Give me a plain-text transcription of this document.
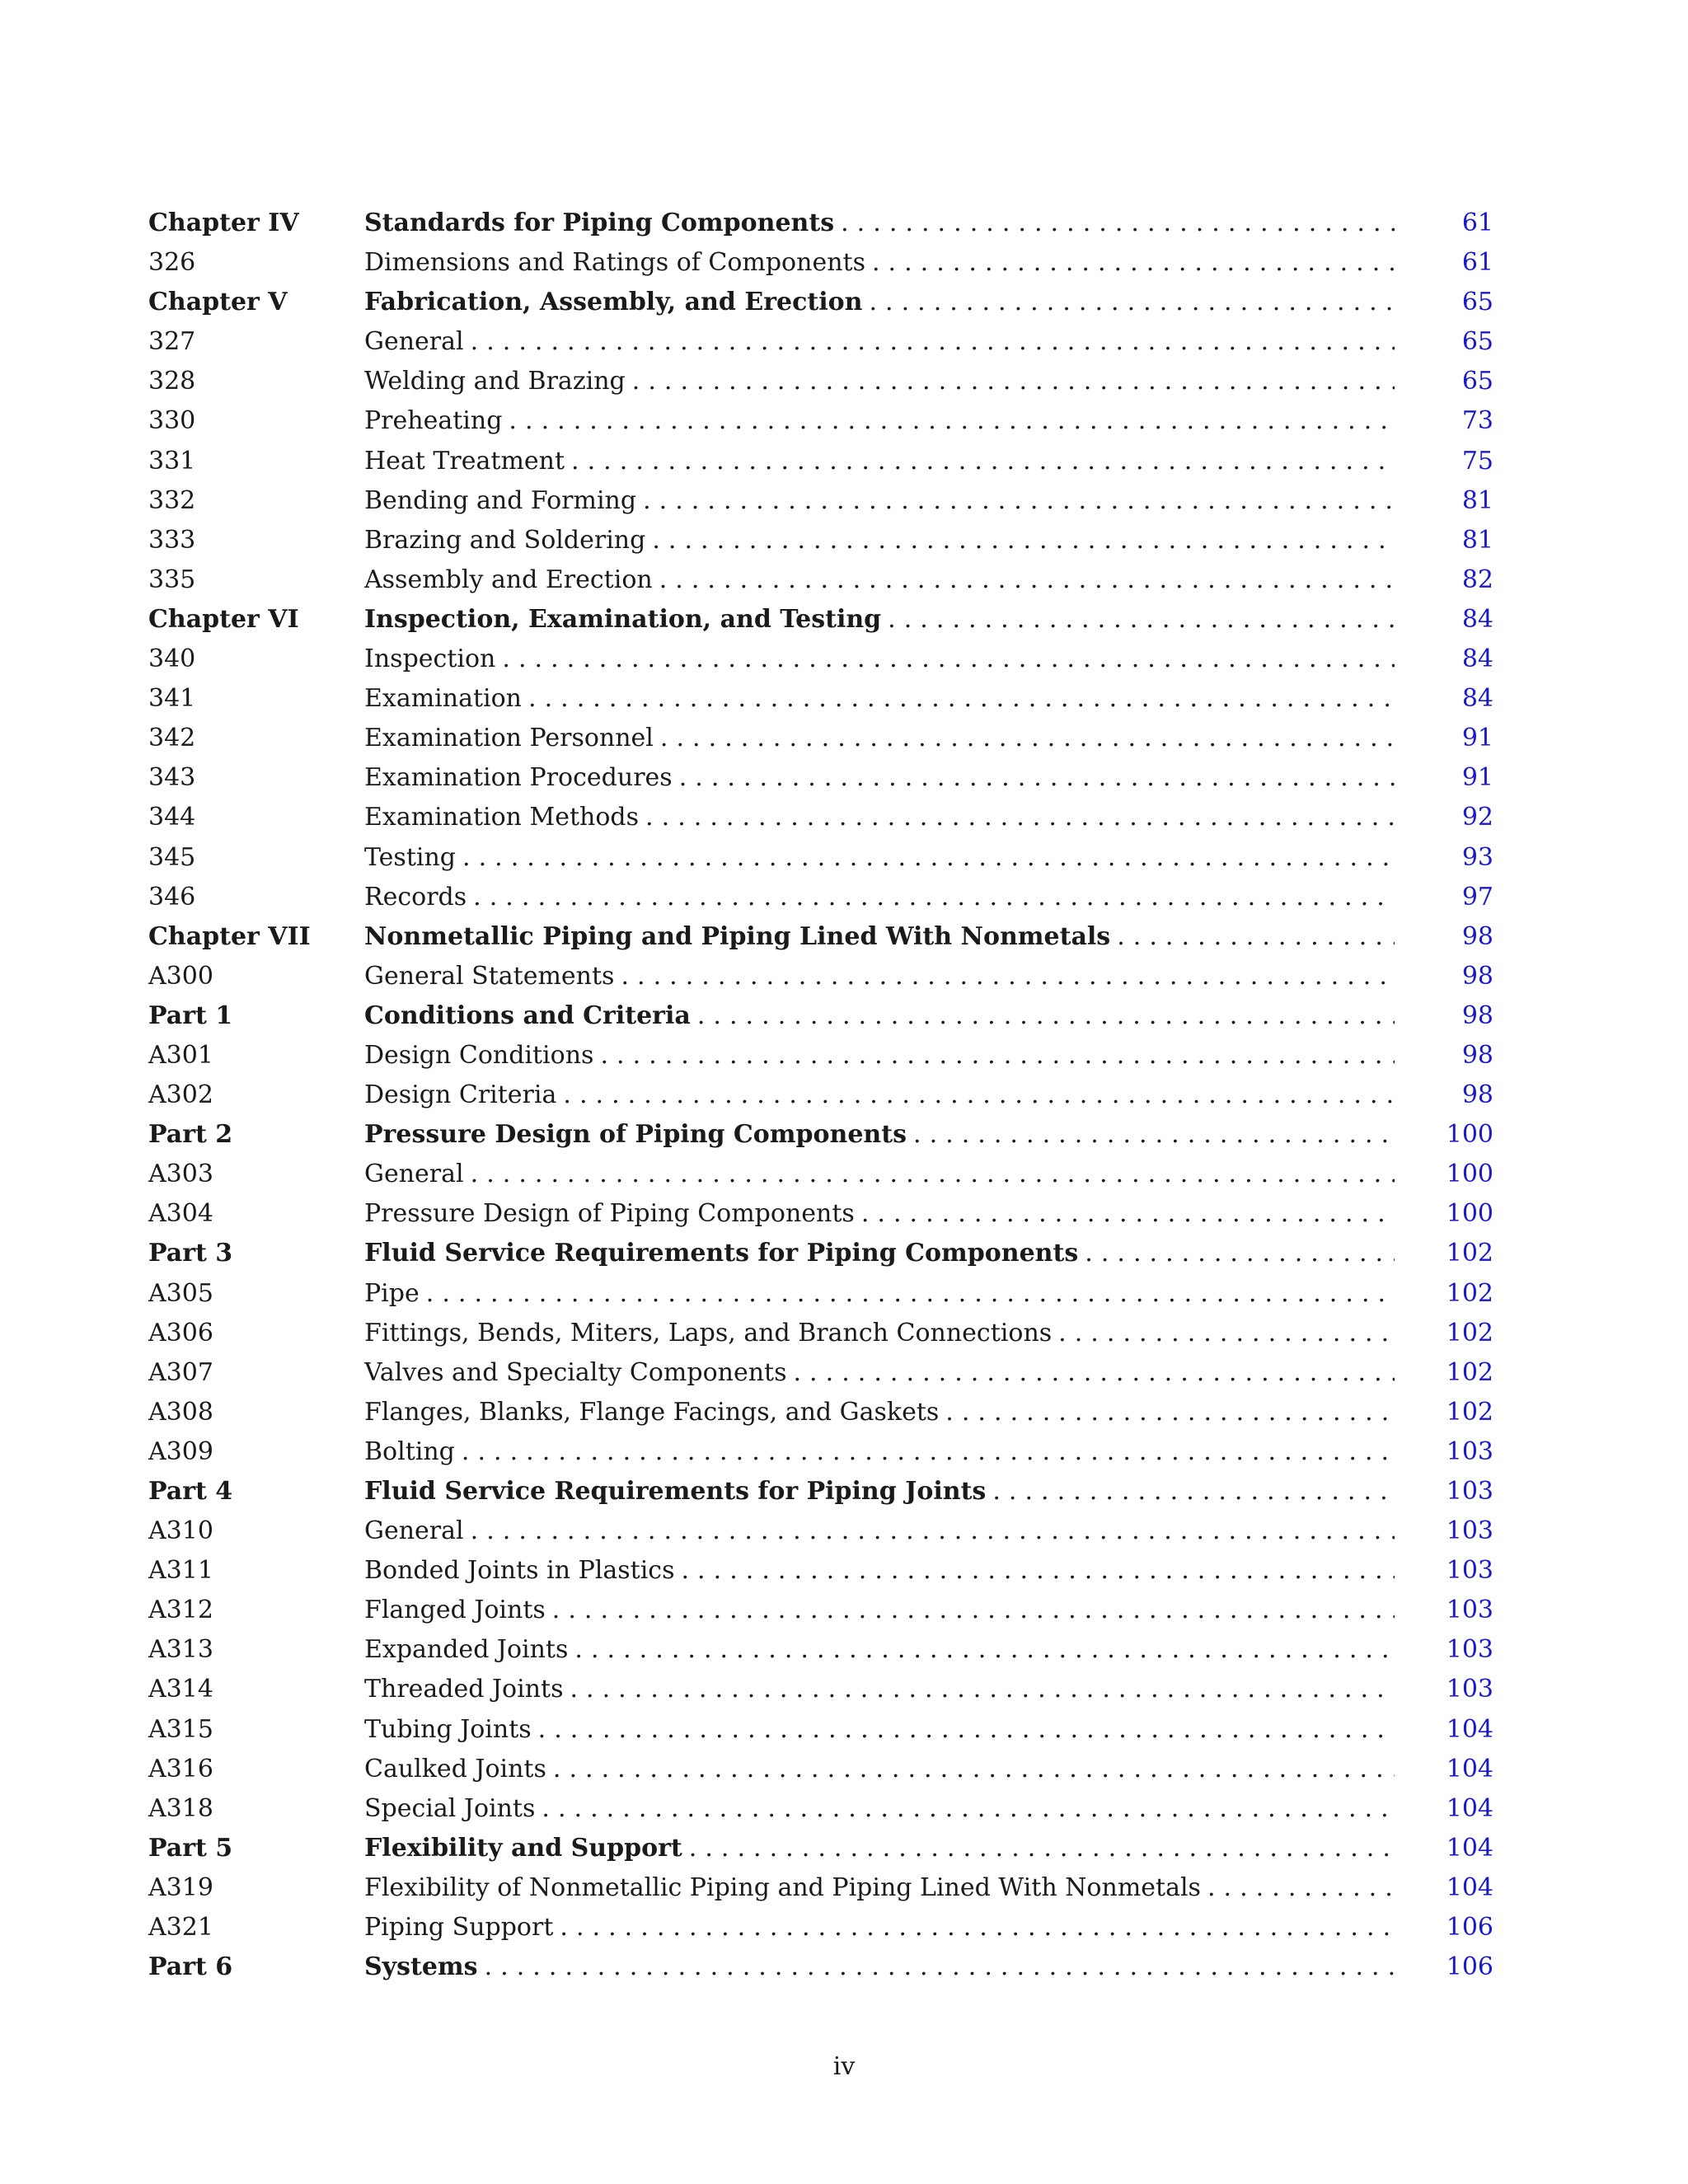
Chapter IV	Standards for Piping Components . . .	61
326	Dimensions and Ratings of Components . . .	61
Chapter V	Fabrication, Assembly, and Erection . . .	65
327	General . . .	65
328	Welding and Brazing . . .	65
330	Preheating . . .	73
331	Heat Treatment . . .	75
332	Bending and Forming . . .	81
333	Brazing and Soldering . . .	81
335	Assembly and Erection . . .	82
Chapter VI	Inspection, Examination, and Testing . . .	84
340	Inspection . . .	84
341	Examination . . .	84
342	Examination Personnel . . .	91
343	Examination Procedures . . .	91
344	Examination Methods . . .	92
345	Testing . . .	93
346	Records . . .	97
Chapter VII	Nonmetallic Piping and Piping Lined With Nonmetals . . .	98
A300	General Statements . . .	98
Part 1	Conditions and Criteria . . .	98
A301	Design Conditions . . .	98
A302	Design Criteria . . .	98
Part 2	Pressure Design of Piping Components . . .	100
A303	General . . .	100
A304	Pressure Design of Piping Components . . .	100
Part 3	Fluid Service Requirements for Piping Components . . .	102
A305	Pipe . . .	102
A306	Fittings, Bends, Miters, Laps, and Branch Connections . . .	102
A307	Valves and Specialty Components . . .	102
A308	Flanges, Blanks, Flange Facings, and Gaskets . . .	102
A309	Bolting . . .	103
Part 4	Fluid Service Requirements for Piping Joints . . .	103
A310	General . . .	103
A311	Bonded Joints in Plastics . . .	103
A312	Flanged Joints . . .	103
A313	Expanded Joints . . .	103
A314	Threaded Joints . . .	103
A315	Tubing Joints . . .	104
A316	Caulked Joints . . .	104
A318	Special Joints . . .	104
Part 5	Flexibility and Support . . .	104
A319	Flexibility of Nonmetallic Piping and Piping Lined With Nonmetals . . .	104
A321	Piping Support . . .	106
Part 6	Systems . . .	106
iv
